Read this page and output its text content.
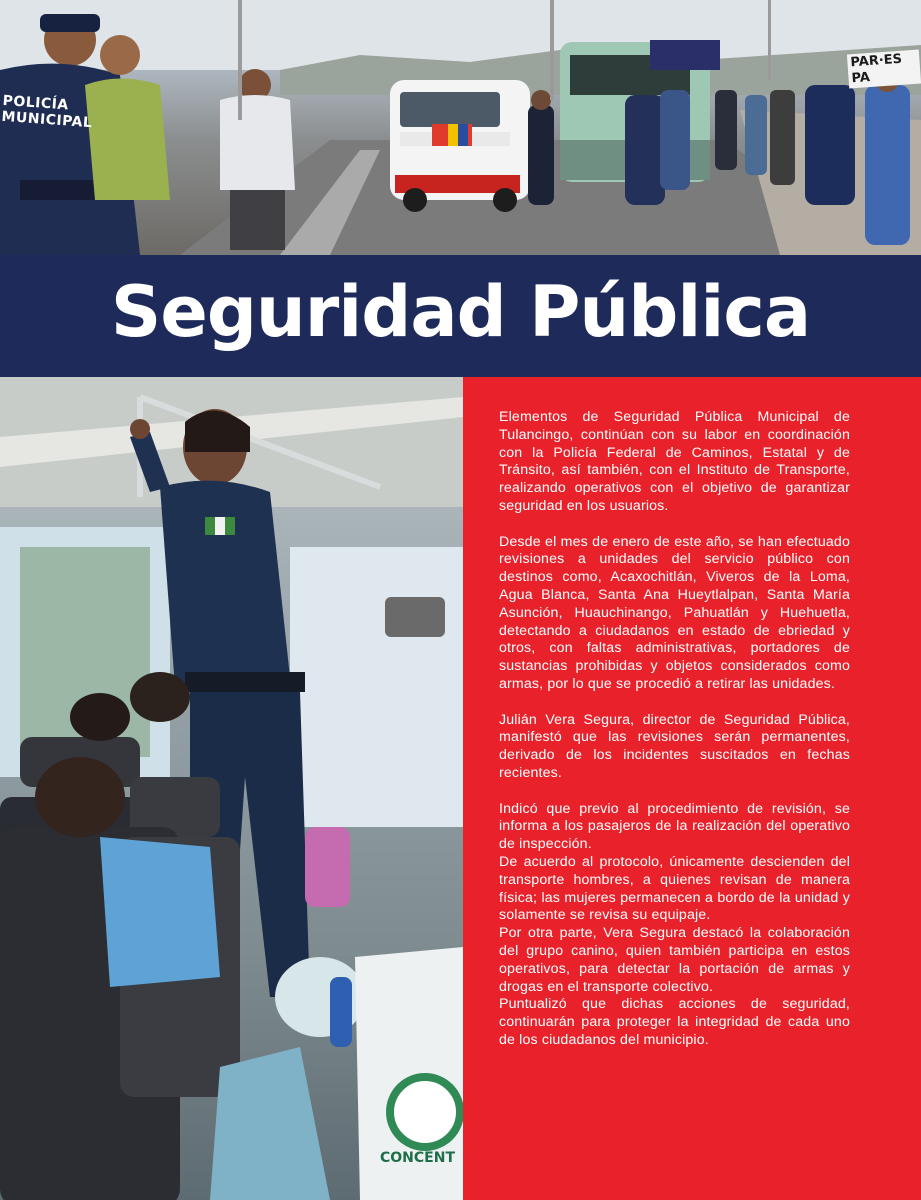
POLICÍA
MUNICIPAL
PAR·ES
PA
Seguridad Pública
CONCENT

Elementos de Seguridad Pública Municipal de Tulancingo, continúan con su labor en coordinación con la Policía Federal de Caminos, Estatal y de Tránsito, así también, con el Instituto de Transporte, realizando operativos con el objetivo de garantizar seguridad en los usuarios.

Desde el mes de enero de este año, se han efectuado revisiones a unidades del servicio público con destinos como, Acaxochitlán, Viveros de la Loma, Agua Blanca, Santa Ana Hueytlalpan, Santa María Asunción, Huauchinango, Pahuatlán y Huehuetla, detectando a ciudadanos en estado de ebriedad y otros, con faltas administrativas, portadores de sustancias prohibidas y objetos considerados como armas, por lo que se procedió a retirar las unidades.

Julián Vera Segura, director de Seguridad Pública, manifestó que las revisiones serán permanentes, derivado de los incidentes suscitados en fechas recientes.

Indicó que previo al procedimiento de revisión, se informa a los pasajeros de la realización del operativo de inspección.

De acuerdo al protocolo, únicamente descienden del transporte hombres, a quienes revisan de manera física; las mujeres permanecen a bordo de la unidad y solamente se revisa su equipaje.

Por otra parte, Vera Segura destacó la colaboración del grupo canino, quien también participa en estos operativos, para detectar la portación de armas y drogas en el transporte colectivo.

Puntualizó que dichas acciones de seguridad, continuarán para proteger la integridad de cada uno de los ciudadanos del municipio.
